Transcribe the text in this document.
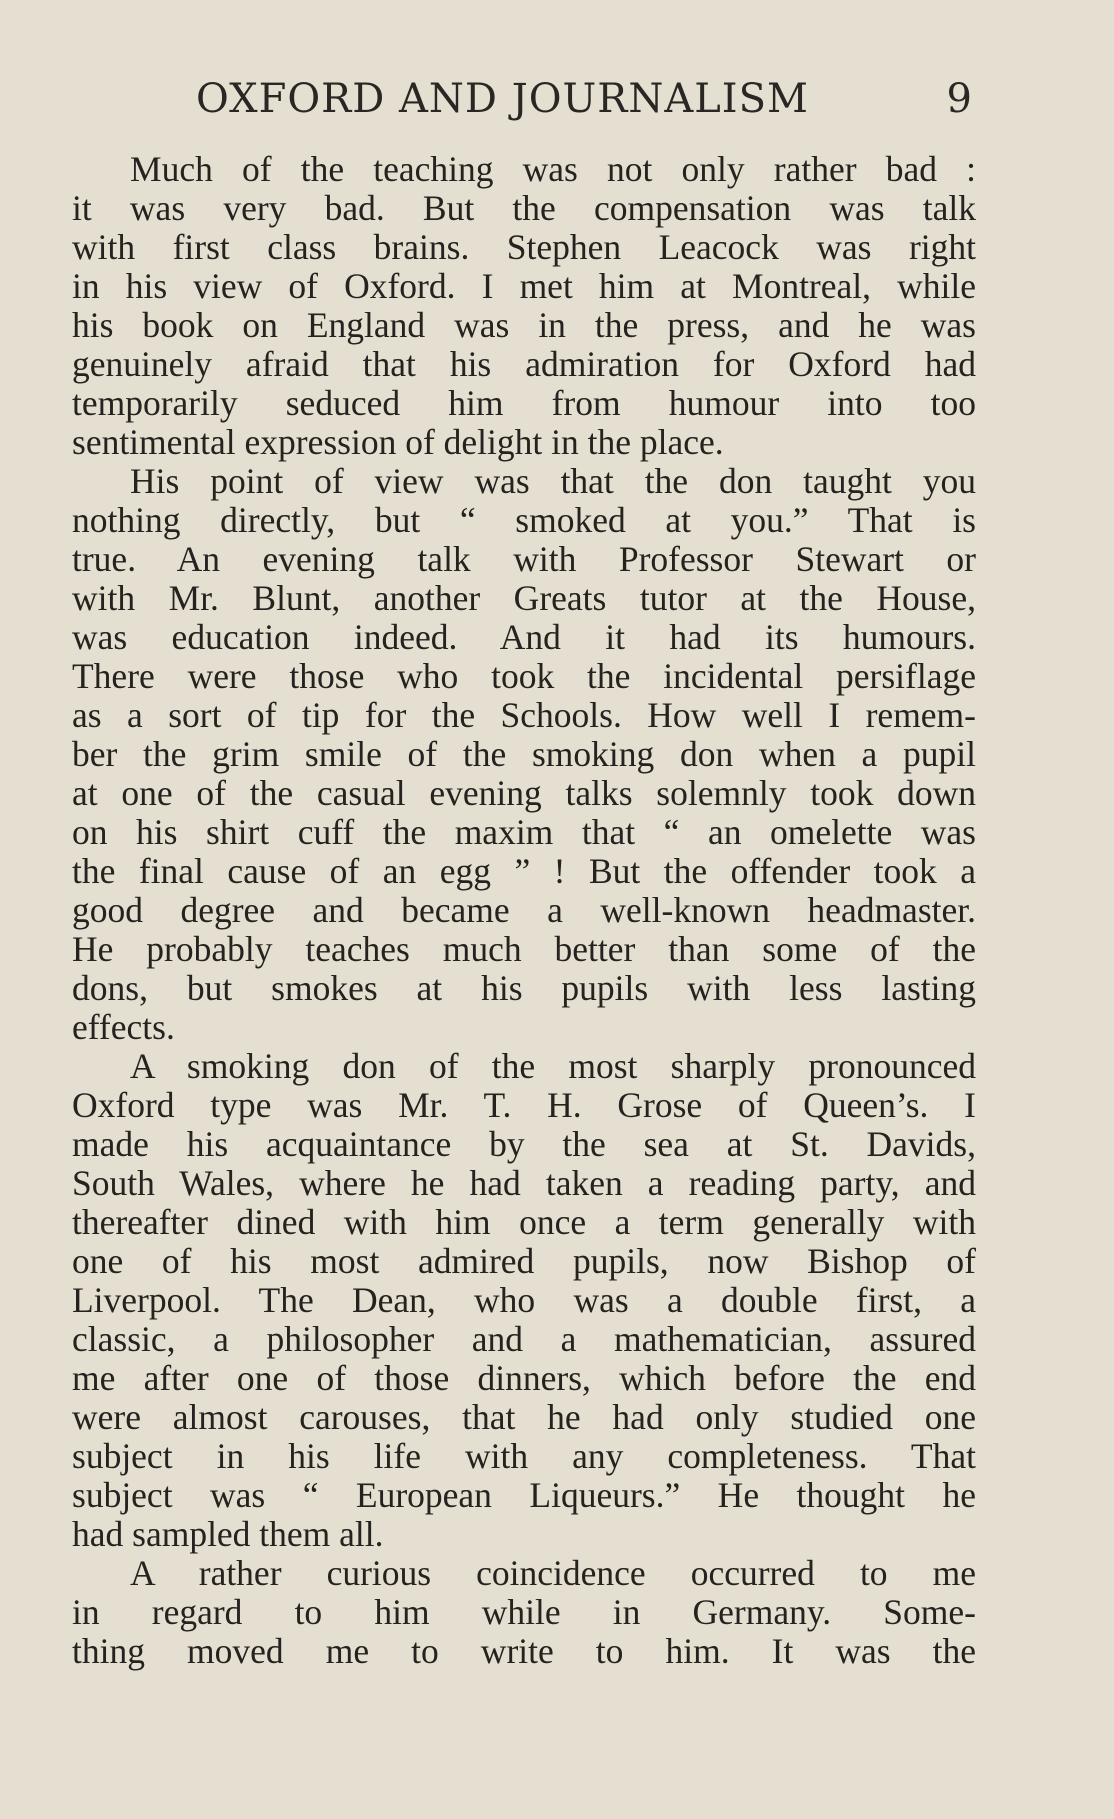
OXFORD AND JOURNALISM	9
Much of the teaching was not only rather bad :
it was very bad. But the compensation was talk
with first class brains. Stephen Leacock was right
in his view of Oxford. I met him at Montreal, while
his book on England was in the press, and he was
genuinely afraid that his admiration for Oxford had
temporarily seduced him from humour into too
sentimental expression of delight in the place.
His point of view was that the don taught you
nothing directly, but “ smoked at you.” That is
true. An evening talk with Professor Stewart or
with Mr. Blunt, another Greats tutor at the House,
was education indeed. And it had its humours.
There were those who took the incidental persiflage
as a sort of tip for the Schools. How well I remem-
ber the grim smile of the smoking don when a pupil
at one of the casual evening talks solemnly took down
on his shirt cuff the maxim that “ an omelette was
the final cause of an egg ” ! But the offender took a
good degree and became a well-known headmaster.
He probably teaches much better than some of the
dons, but smokes at his pupils with less lasting
effects.
A smoking don of the most sharply pronounced
Oxford type was Mr. T. H. Grose of Queen’s. I
made his acquaintance by the sea at St. Davids,
South Wales, where he had taken a reading party, and
thereafter dined with him once a term generally with
one of his most admired pupils, now Bishop of
Liverpool. The Dean, who was a double first, a
classic, a philosopher and a mathematician, assured
me after one of those dinners, which before the end
were almost carouses, that he had only studied one
subject in his life with any completeness. That
subject was “ European Liqueurs.” He thought he
had sampled them all.
A rather curious coincidence occurred to me
in regard to him while in Germany. Some-
thing moved me to write to him. It was the
